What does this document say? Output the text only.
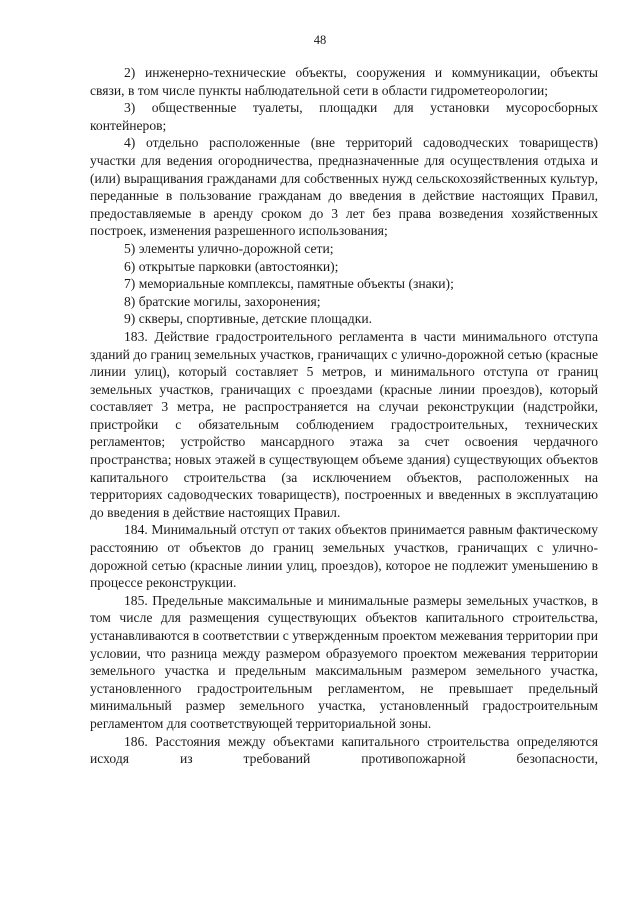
48

2) инженерно-технические объекты, сооружения и коммуникации, объекты связи, в том числе пункты наблюдательной сети в области гидрометеорологии;

3) общественные туалеты, площадки для установки мусоросборных контейнеров;

4) отдельно расположенные (вне территорий садоводческих товариществ) участки для ведения огородничества, предназначенные для осуществления отдыха и (или) выращивания гражданами для собственных нужд сельскохозяйственных культур, переданные в пользование гражданам до введения в действие настоящих Правил, предоставляемые в аренду сроком до 3 лет без права возведения хозяйственных построек, изменения разрешенного использования;

5) элементы улично-дорожной сети;

6) открытые парковки (автостоянки);

7) мемориальные комплексы, памятные объекты (знаки);

8) братские могилы, захоронения;

9) скверы, спортивные, детские площадки.

183. Действие градостроительного регламента в части минимального отступа зданий до границ земельных участков, граничащих с улично-дорожной сетью (красные линии улиц), который составляет 5 метров, и минимального отступа от границ земельных участков, граничащих с проездами (красные линии проездов), который составляет 3 метра, не распространяется на случаи реконструкции (надстройки, пристройки с обязательным соблюдением градостроительных, технических регламентов; устройство мансардного этажа за счет освоения чердачного пространства; новых этажей в существующем объеме здания) существующих объектов капитального строительства (за исключением объектов, расположенных на территориях садоводческих товариществ), построенных и введенных в эксплуатацию до введения в действие настоящих Правил.

184. Минимальный отступ от таких объектов принимается равным фактическому расстоянию от объектов до границ земельных участков, граничащих с улично-дорожной сетью (красные линии улиц, проездов), которое не подлежит уменьшению в процессе реконструкции.

185. Предельные максимальные и минимальные размеры земельных участков, в том числе для размещения существующих объектов капитального строительства, устанавливаются в соответствии с утвержденным проектом межевания территории при условии, что разница между размером образуемого проектом межевания территории земельного участка и предельным максимальным размером земельного участка, установленного градостроительным регламентом, не превышает предельный минимальный размер земельного участка, установленный градостроительным регламентом для соответствующей территориальной зоны.

186. Расстояния между объектами капитального строительства определяются исходя из требований противопожарной безопасности,
